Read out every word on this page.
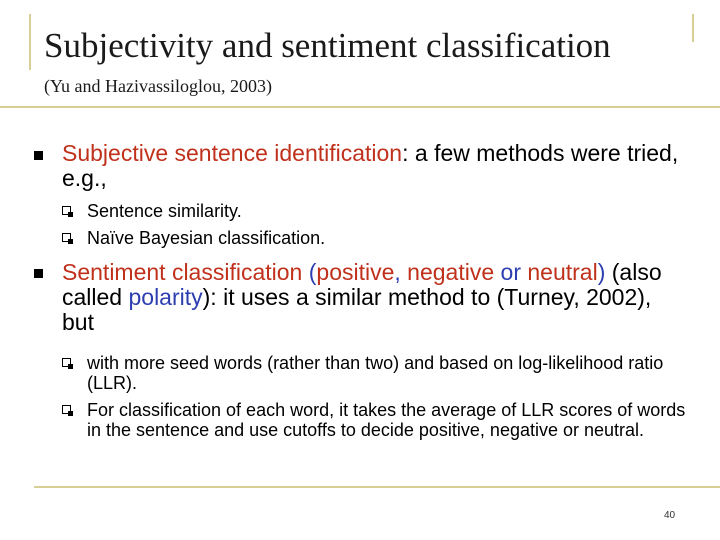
Subjectivity and sentiment classification
(Yu and Hazivassiloglou, 2003)
Subjective sentence identification: a few methods were tried, e.g.,
Sentence similarity.
Naïve Bayesian classification.
Sentiment classification (positive, negative or neutral) (also called polarity): it uses a similar method to (Turney, 2002), but
with more seed words (rather than two) and based on log-likelihood ratio (LLR).
For classification of each word, it takes the average of LLR scores of words in the sentence and use cutoffs to decide positive, negative or neutral.
40
